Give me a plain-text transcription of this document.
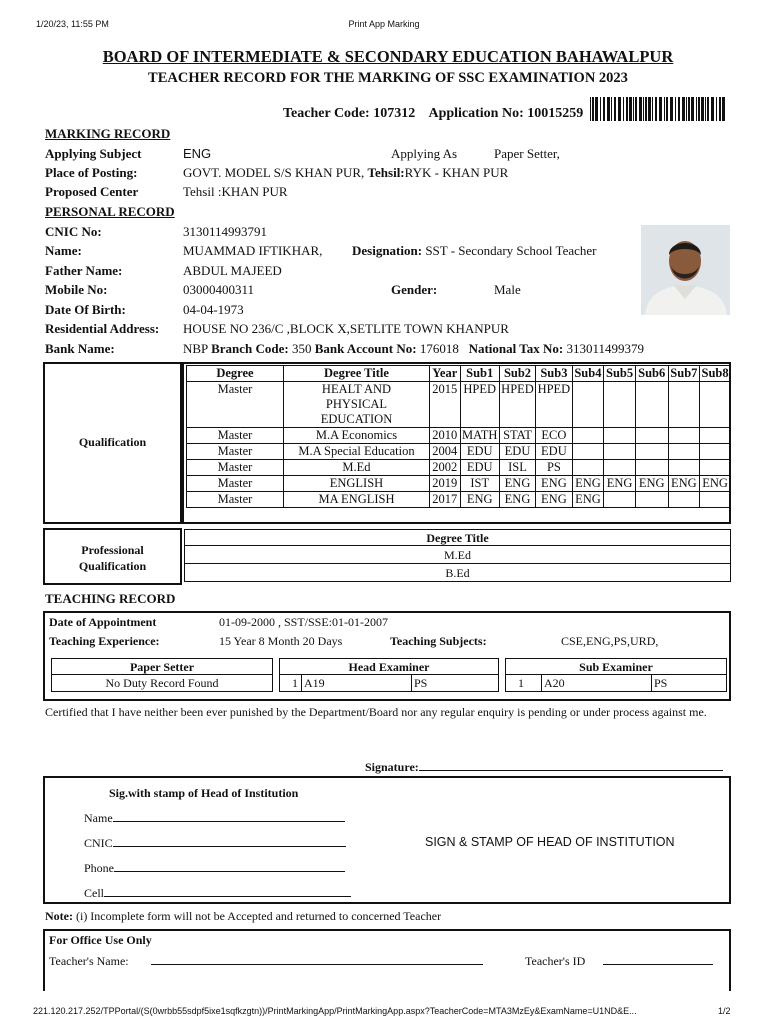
1/20/23, 11:55 PM	Print App Marking
BOARD OF INTERMEDIATE & SECONDARY EDUCATION BAHAWALPUR
TEACHER RECORD FOR THE MARKING OF SSC EXAMINATION 2023
Teacher Code: 107312 Application No: 10015259
MARKING RECORD
Applying Subject	ENG	Applying As	Paper Setter,
Place of Posting:	GOVT. MODEL S/S KHAN PUR, Tehsil:RYK - KHAN PUR
Proposed Center	Tehsil :KHAN PUR
PERSONAL RECORD
CNIC No:	3130114993791
Name:	MUAMMAD IFTIKHAR, Designation: SST - Secondary School Teacher
Father Name:	ABDUL MAJEED
Mobile No:	03000400311	Gender:	Male
Date Of Birth:	04-04-1973
Residential Address: HOUSE NO 236/C ,BLOCK X,SETLITE TOWN KHANPUR
Bank Name:	NBP Branch Code: 350 Bank Account No: 176018 National Tax No: 313011499379
Qualification
Degree	Degree Title	Year	Sub1	Sub2	Sub3	Sub4	Sub5	Sub6	Sub7	Sub8
Master	HEALT AND PHYSICAL EDUCATION	2015	HPED	HPED	HPED					
Master	M.A Economics	2010	MATH	STAT	ECO					
Master	M.A Special Education	2004	EDU	EDU	EDU					
Master	M.Ed	2002	EDU	ISL	PS					
Master	ENGLISH	2019	IST	ENG	ENG	ENG	ENG	ENG	ENG	ENG
Master	MA ENGLISH	2017	ENG	ENG	ENG	ENG				
Professional
Qualification
Degree Title
M.Ed
B.Ed
TEACHING RECORD
Date of Appointment	01-09-2000 , SST/SSE:01-01-2007
Teaching Experience:	15 Year 8 Month 20 Days	Teaching Subjects:	CSE,ENG,PS,URD,
Paper Setter
No Duty Record Found
Head Examiner
1 A19	PS
Sub Examiner
1	A20	PS
Certified that I have neither been ever punished by the Department/Board nor any regular enquiry is pending or under process against me.
Signature:
Sig.with stamp of Head of Institution
Name
CNIC
Phone
Cell
SIGN & STAMP OF HEAD OF INSTITUTION
Note: (i) Incomplete form will not be Accepted and returned to concerned Teacher
For Office Use Only
Teacher's Name:	Teacher's ID
221.120.217.252/TPPortal/(S(0wrbb55sdpf5ixe1sqfkzgtn))/PrintMarkingApp/PrintMarkingApp.aspx?TeacherCode=MTA3MzEy&ExamName=U1ND&E...	1/2
